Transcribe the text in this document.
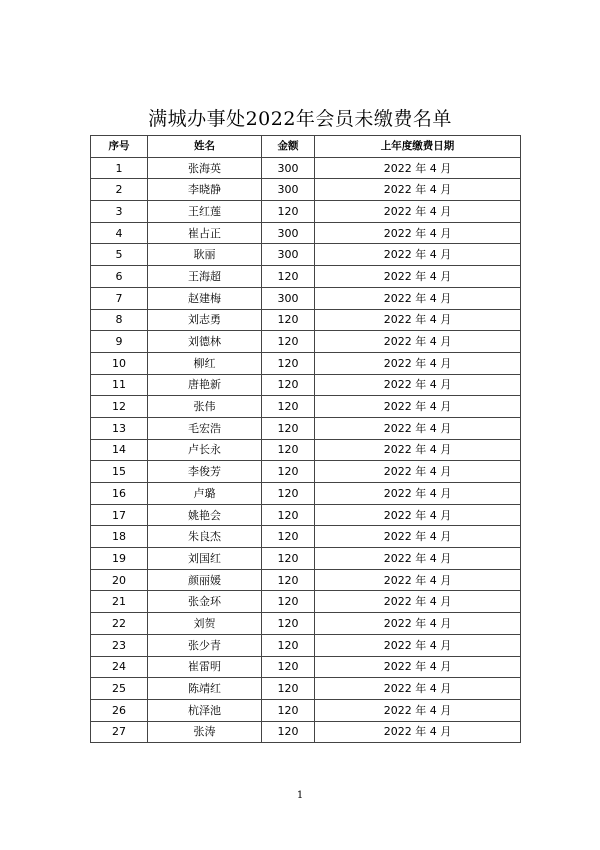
满城办事处2022年会员未缴费名单
序号	姓名	金额	上年度缴费日期
1	张海英	300	2022 年 4 月
2	李晓静	300	2022 年 4 月
3	王红莲	120	2022 年 4 月
4	崔占正	300	2022 年 4 月
5	耿丽	300	2022 年 4 月
6	王海超	120	2022 年 4 月
7	赵建梅	300	2022 年 4 月
8	刘志勇	120	2022 年 4 月
9	刘德林	120	2022 年 4 月
10	柳红	120	2022 年 4 月
11	唐艳新	120	2022 年 4 月
12	张伟	120	2022 年 4 月
13	毛宏浩	120	2022 年 4 月
14	卢长永	120	2022 年 4 月
15	李俊芳	120	2022 年 4 月
16	卢璐	120	2022 年 4 月
17	姚艳会	120	2022 年 4 月
18	朱良杰	120	2022 年 4 月
19	刘国红	120	2022 年 4 月
20	颜丽媛	120	2022 年 4 月
21	张金环	120	2022 年 4 月
22	刘贺	120	2022 年 4 月
23	张少青	120	2022 年 4 月
24	崔雷明	120	2022 年 4 月
25	陈靖红	120	2022 年 4 月
26	杭泽池	120	2022 年 4 月
27	张涛	120	2022 年 4 月
1
